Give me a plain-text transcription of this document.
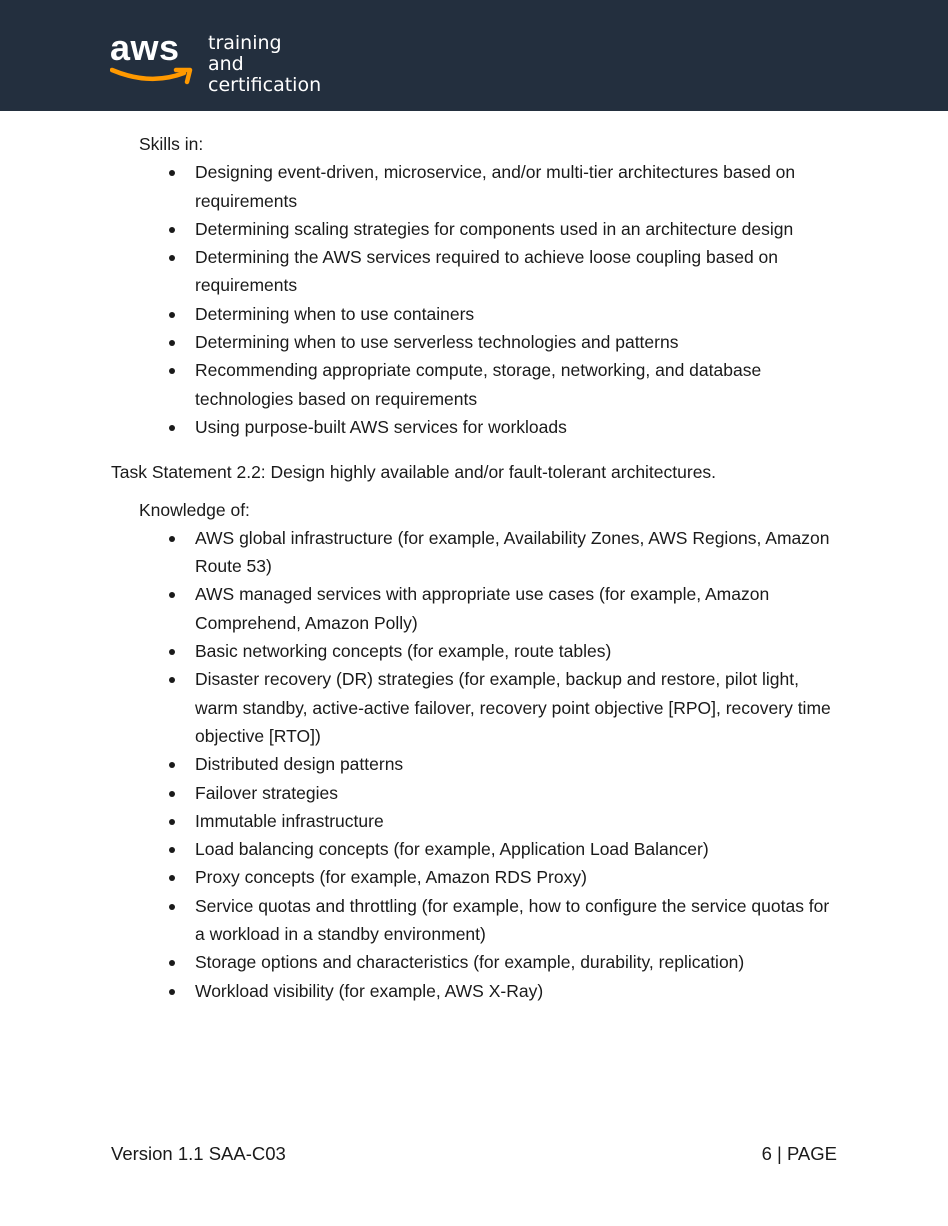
aws training and
certification

Skills in:

Designing event-driven, microservice, and/or multi-tier architectures based on requirements
Determining scaling strategies for components used in an architecture design
Determining the AWS services required to achieve loose coupling based on requirements
Determining when to use containers
Determining when to use serverless technologies and patterns
Recommending appropriate compute, storage, networking, and database technologies based on requirements
Using purpose-built AWS services for workloads

Task Statement 2.2: Design highly available and/or fault-tolerant architectures.

Knowledge of:

AWS global infrastructure (for example, Availability Zones, AWS Regions, Amazon Route 53)
AWS managed services with appropriate use cases (for example, Amazon Comprehend, Amazon Polly)
Basic networking concepts (for example, route tables)
Disaster recovery (DR) strategies (for example, backup and restore, pilot light, warm standby, active-active failover, recovery point objective [RPO], recovery time objective [RTO])
Distributed design patterns
Failover strategies
Immutable infrastructure
Load balancing concepts (for example, Application Load Balancer)
Proxy concepts (for example, Amazon RDS Proxy)
Service quotas and throttling (for example, how to configure the service quotas for a workload in a standby environment)
Storage options and characteristics (for example, durability, replication)
Workload visibility (for example, AWS X-Ray)
Version 1.1 SAA-C03	6 | PAGE
